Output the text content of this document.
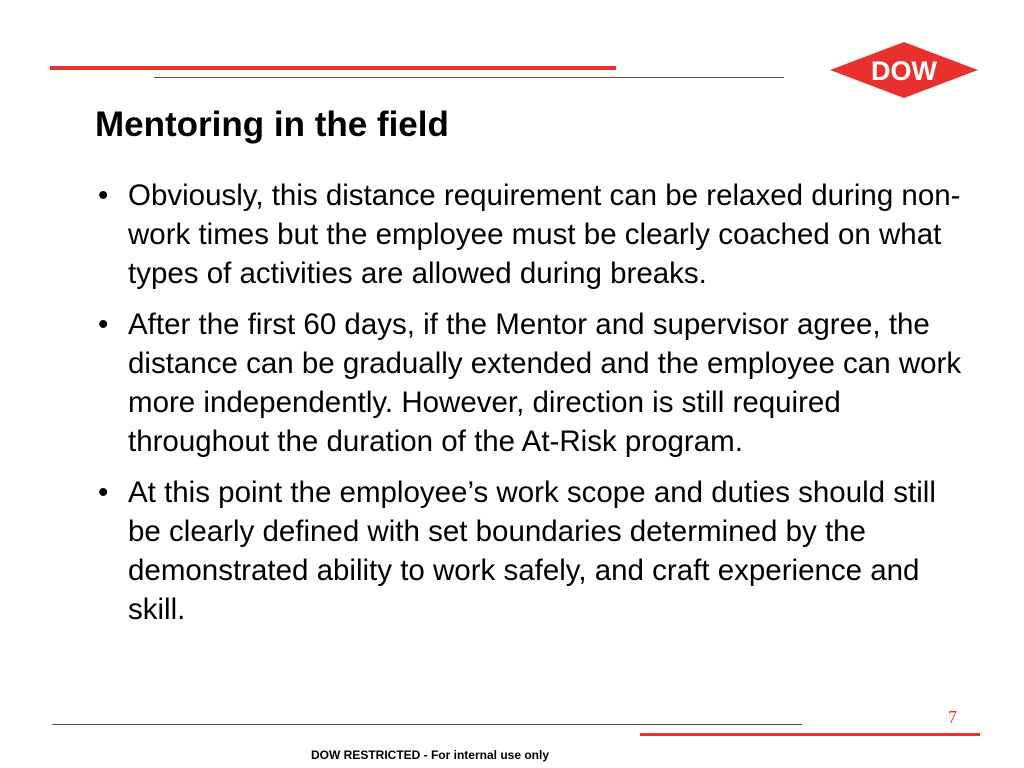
DOW
Mentoring in the field
• Obviously, this distance requirement can be relaxed during non-work times but the employee must be clearly coached on what types of activities are allowed during breaks.
• After the first 60 days, if the Mentor and supervisor agree, the distance can be gradually extended and the employee can work more independently. However, direction is still required throughout the duration of the At-Risk program.
• At this point the employee’s work scope and duties should still be clearly defined with set boundaries determined by the demonstrated ability to work safely, and craft experience and skill.
7
DOW RESTRICTED - For internal use only
